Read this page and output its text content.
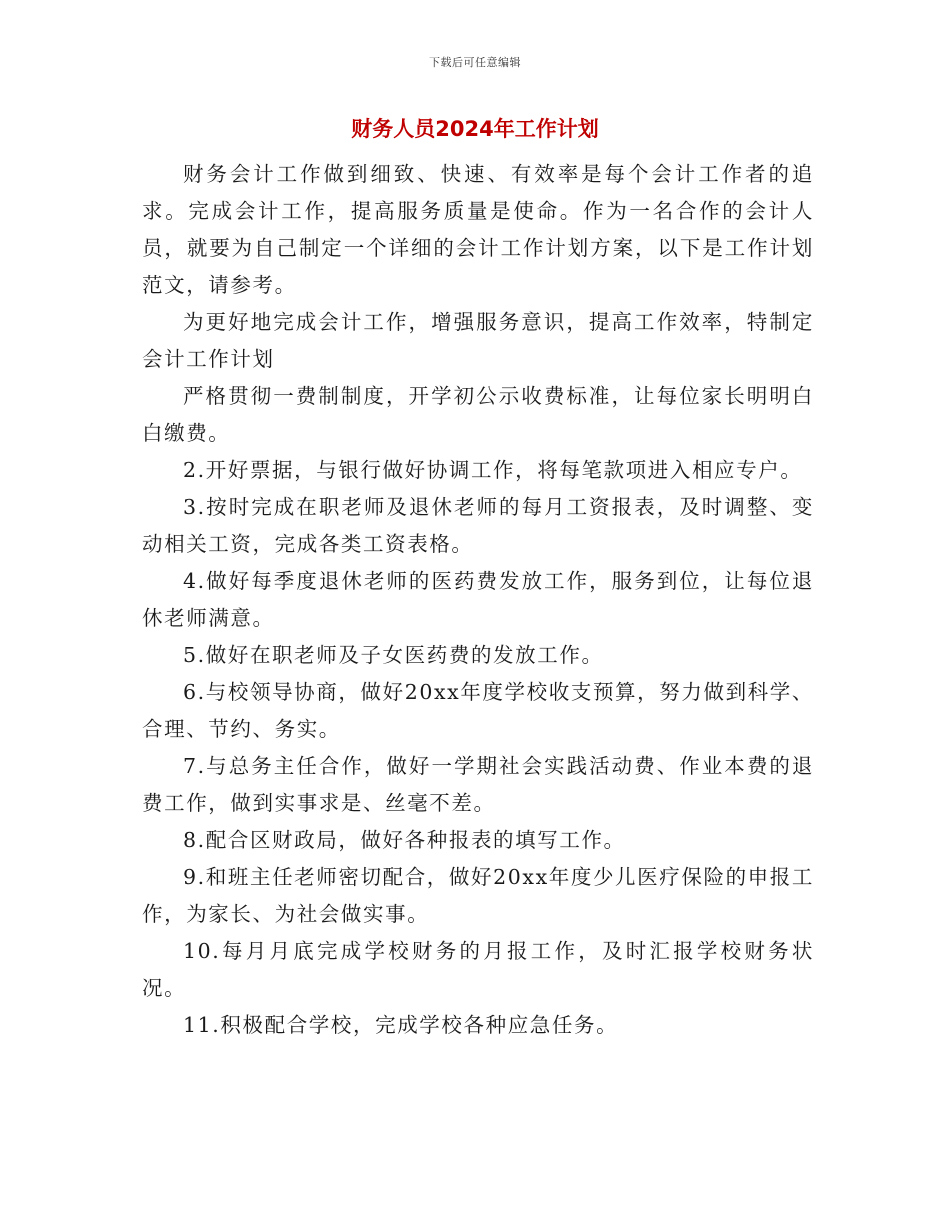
下载后可任意编辑
财务人员2024年工作计划

财务会计工作做到细致、快速、有效率是每个会计工作者的追求。完成会计工作，提高服务质量是使命。作为一名合作的会计人员，就要为自己制定一个详细的会计工作计划方案，以下是工作计划范文，请参考。

为更好地完成会计工作，增强服务意识，提高工作效率，特制定会计工作计划

严格贯彻一费制制度，开学初公示收费标准，让每位家长明明白白缴费。

2.开好票据，与银行做好协调工作，将每笔款项进入相应专户。

3.按时完成在职老师及退休老师的每月工资报表，及时调整、变动相关工资，完成各类工资表格。

4.做好每季度退休老师的医药费发放工作，服务到位，让每位退休老师满意。

5.做好在职老师及子女医药费的发放工作。

6.与校领导协商，做好20xx年度学校收支预算，努力做到科学、合理、节约、务实。

7.与总务主任合作，做好一学期社会实践活动费、作业本费的退费工作，做到实事求是、丝毫不差。

8.配合区财政局，做好各种报表的填写工作。

9.和班主任老师密切配合，做好20xx年度少儿医疗保险的申报工作，为家长、为社会做实事。

10.每月月底完成学校财务的月报工作，及时汇报学校财务状况。

11.积极配合学校，完成学校各种应急任务。
